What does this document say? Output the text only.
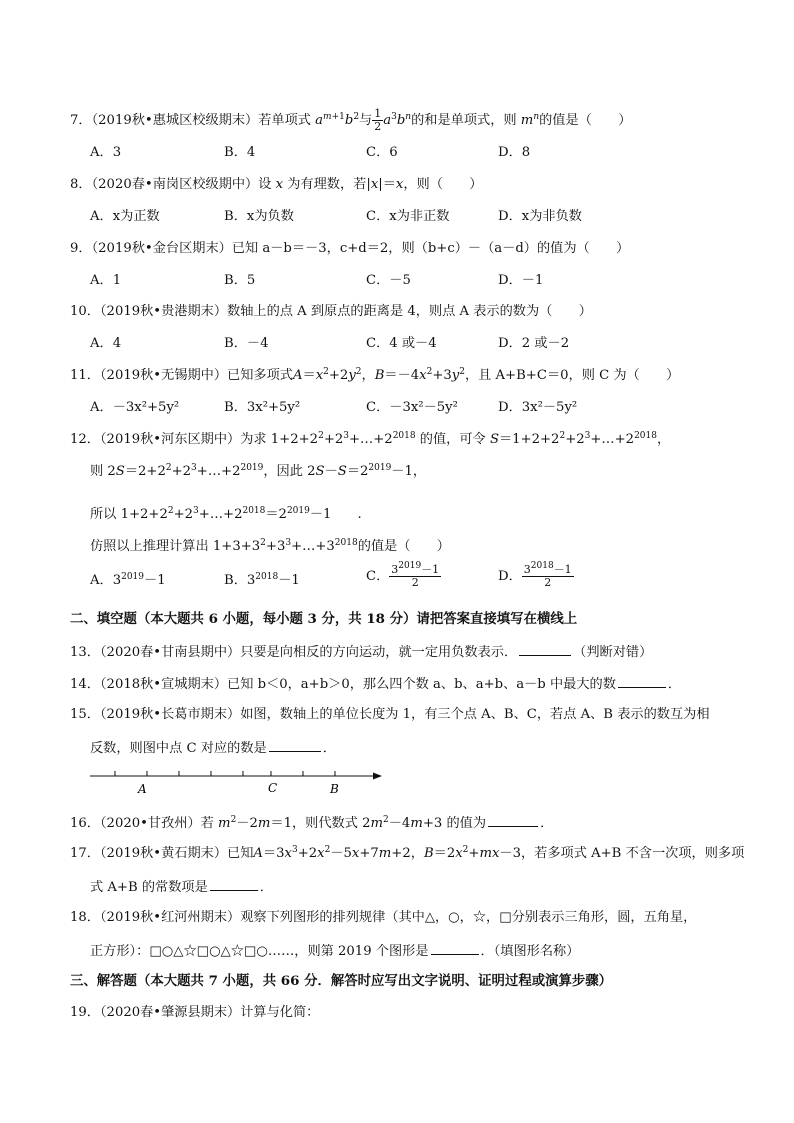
7．（2019秋•惠城区校级期末）若单项式 $a^{m+1}b^2$与 $\frac{1}{2} a^3b^n$的和是单项式，则 $m^n$的值是（　　）
A．3	B．4	C．6	D．8
8．（2020春•南岗区校级期中）设 x 为有理数，若|x|＝x，则（　　）
A．x为正数	B．x为负数	C．x为非正数	D．x为非负数
9．（2019秋•金台区期末）已知 a－b＝－3，c+d＝2，则（b+c）－（a－d）的值为（　　）
A．1	B．5	C．－5	D．－1
10．（2019秋•贵港期末）数轴上的点 A 到原点的距离是 4，则点 A 表示的数为（　　）
A．4	B．－4	C．4 或－4	D．2 或－2
11．（2019秋•无锡期中）已知多项式$A=x^2+2y^2$，$B=-4x^2+3y^2$，且 A+B+C＝0，则 C 为（　　）
A．－3x²+5y²	B．3x²+5y²	C．－3x²－5y²	D．3x²－5y²
12．（2019秋•河东区期中）为求 $1+2+2^2+2^3+\dots+2^{2018}$ 的值，可令 $S=1+2+2^2+2^3+\dots+2^{2018}$，
则 $2S=2+2^2+2^3+\dots+2^{2019}$，因此 $2S-S=2^{2019}-1$，
所以 $1+2+2^2+2^3+\dots+2^{2018}=2^{2019}-1$ .
仿照以上推理计算出 $1+3+3^2+3^3+\dots+3^{2018}$的值是（　　）
A．$3^{2019}-1$	B．$3^{2018}-1$	C． $\frac{3^{2019}-1}{2}$	D． $\frac{3^{2018}-1}{2}$
二、填空题（本大题共 6 小题，每小题 3 分，共 18 分）请把答案直接填写在横线上
13．（2020春•甘南县期中）只要是向相反的方向运动，就一定用负数表示．	（判断对错）
14．（2018秋•宣城期末）已知 b＜0，a+b＞0，那么四个数 a、b、a+b、a－b 中最大的数	．
15．（2019秋•长葛市期末）如图，数轴上的单位长度为 1，有三个点 A、B、C，若点 A、B 表示的数互为相
反数，则图中点 C 对应的数是	．
A	C	B
16．（2020•甘孜州）若 $m^2-2m=1$，则代数式 $2m^2-4m+3$ 的值为	．
17．（2019秋•黄石期末）已知$A=3x^3+2x^2-5x+7m+2$，$B=2x^2+mx-3$，若多项式 A+B 不含一次项，则多项
式 A+B 的常数项是	．
18．（2019秋•红河州期末）观察下列图形的排列规律（其中△，○，☆，□分别表示三角形，圆，五角星，
正方形）：□○△☆□○△☆□○……，则第 2019 个图形是	．（填图形名称）
三、解答题（本大题共 7 小题，共 66 分．解答时应写出文字说明、证明过程或演算步骤）
19．（2020春•肇源县期末）计算与化简：
